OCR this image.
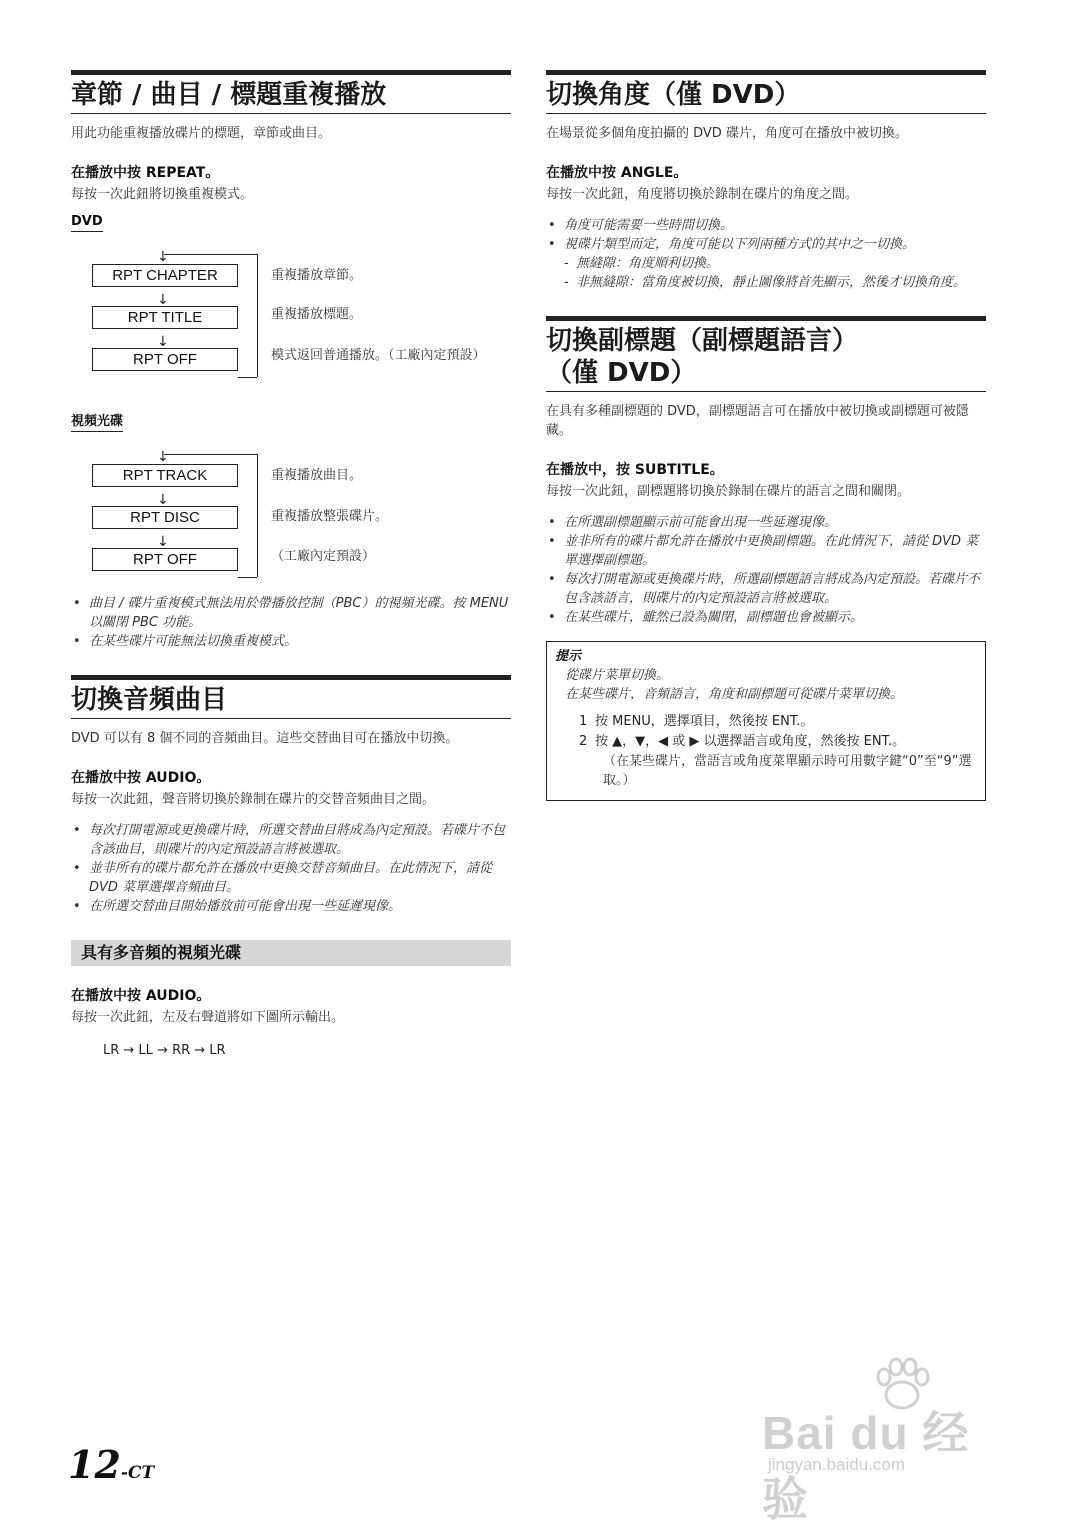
章節 / 曲目 / 標題重複播放

用此功能重複播放碟片的標題，章節或曲目。

在播放中按 REPEAT。

每按一次此鈕將切換重複模式。

DVD
↓
RPT CHAPTER	重複播放章節。
↓
RPT TITLE	重複播放標題。
↓
RPT OFF	模式返回普通播放。（工廠內定預設）
視頻光碟
↓
RPT TRACK	重複播放曲目。
↓
RPT DISC	重複播放整張碟片。
↓
RPT OFF	（工廠內定預設）
• 曲目 / 碟片重複模式無法用於帶播放控制（PBC）的視頻光碟。按 MENU 以關閉 PBC 功能。
• 在某些碟片可能無法切換重複模式。
切換音頻曲目

DVD 可以有 8 個不同的音頻曲目。這些交替曲目可在播放中切換。

在播放中按 AUDIO。

每按一次此鈕，聲音將切換於錄制在碟片的交替音頻曲目之間。

• 每次打開電源或更換碟片時，所選交替曲目將成為內定預設。若碟片不包含該曲目，則碟片的內定預設語言將被選取。
• 並非所有的碟片都允許在播放中更換交替音頻曲目。在此情況下，請從 DVD 菜單選擇音頻曲目。
• 在所選交替曲目開始播放前可能會出現一些延遲現像。
具有多音頻的視頻光碟
在播放中按 AUDIO。

每按一次此鈕，左及右聲道將如下圖所示輸出。

LR → LL → RR → LR
切換角度（僅 DVD）

在場景從多個角度拍攝的 DVD 碟片，角度可在播放中被切換。

在播放中按 ANGLE。

每按一次此鈕，角度將切換於錄制在碟片的角度之間。

• 角度可能需要一些時間切換。
• 視碟片類型而定，角度可能以下列兩種方式的其中之一切換。
- 無縫隙：角度順利切換。
- 非無縫隙：當角度被切換，靜止圖像將首先顯示，然後才切換角度。
切換副標題（副標題語言）
（僅 DVD）

在具有多種副標題的 DVD，副標題語言可在播放中被切換或副標題可被隱藏。

在播放中，按 SUBTITLE。

每按一次此鈕，副標題將切換於錄制在碟片的語言之間和關閉。

• 在所選副標題顯示前可能會出現一些延遲現像。
• 並非所有的碟片都允許在播放中更換副標題。在此情況下，請從 DVD 菜單選擇副標題。
• 每次打開電源或更換碟片時，所選副標題語言將成為內定預設。若碟片不包含該語言，則碟片的內定預設語言將被選取。
• 在某些碟片，雖然已設為關閉，副標題也會被顯示。
提示
從碟片菜單切換。
在某些碟片，音頻語言，角度和副標題可從碟片菜單切換。
1 按 MENU，選擇項目，然後按 ENT.。
2 按 ▲，▼，◀ 或 ▶ 以選擇語言或角度，然後按 ENT.。
（在某些碟片，當語言或角度菜單顯示時可用數字鍵“0”至“9”選取。）
12-CT
Bai du 经验
jingyan.baidu.com
